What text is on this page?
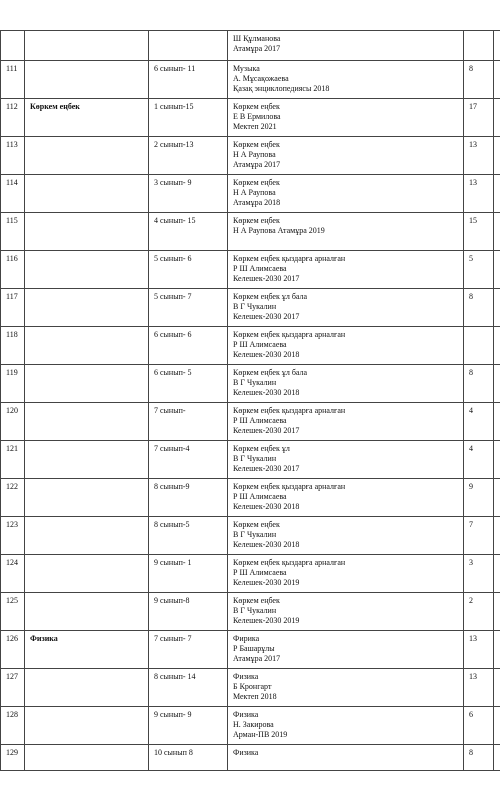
			Ш Құлманова
Атамұра 2017		

111		6 сынып- 11	Музыка
А. Мұсақожаева
Қазақ энциклопедиясы 2018	8	
112	Көркем еңбек	1 сынып-15	Көркем еңбек
Е В Ермилова
Мектеп 2021	17	
113		2 сынып-13	Көркем еңбек
Н А Раупова
Атамұра 2017	13	
114		3 сынып- 9	Көркем еңбек
Н А Раупова
Атамұра 2018	13	
115		4 сынып- 15	Көркем еңбек
Н А Раупова Атамұра 2019	15	
116		5 сынып- 6	Көркем еңбек қыздарға арналған
Р Ш Алимсаева
Келешек-2030 2017	5	
117		5 сынып- 7	Көркем еңбек ұл бала
В Г Чукалин
Келешек-2030 2017	8	
118		6 сынып- 6	Көркем еңбек қыздарға арналған
Р Ш Алимсаева
Келешек-2030 2018		

119		6 сынып- 5	Көркем еңбек ұл бала
В Г Чукалин
Келешек-2030 2018	8	
120		7 сынып-	Көркем еңбек қыздарға арналған
Р Ш Алимсаева
Келешек-2030 2017	4	
121		7 сынып-4	Көркем еңбек ұл
В Г Чукалин
Келешек-2030 2017	4	
122		8 сынып-9	Көркем еңбек қыздарға арналған
Р Ш Алимсаева
Келешек-2030 2018	9	
123		8 сынып-5	Көркем еңбек
В Г Чукалин
Келешек-2030 2018	7	
124		9 сынып- 1	Көркем еңбек қыздарға арналған
Р Ш Алимсаева
Келешек-2030 2019	3	
125		9 сынып-8	Көркем еңбек
В Г Чукалин
Келешек-2030 2019	2	
126	Физика	7 сынып- 7	Фирика
Р Башарұлы
Атамұра 2017	13	
127		8 сынып- 14	Физика
Б Кронгарт
Мектеп 2018	13	
128		9 сынып- 9	Физика
Н. Закирова
Арман-ПВ 2019	6	
129		10 сынып 8	Физика	8	
